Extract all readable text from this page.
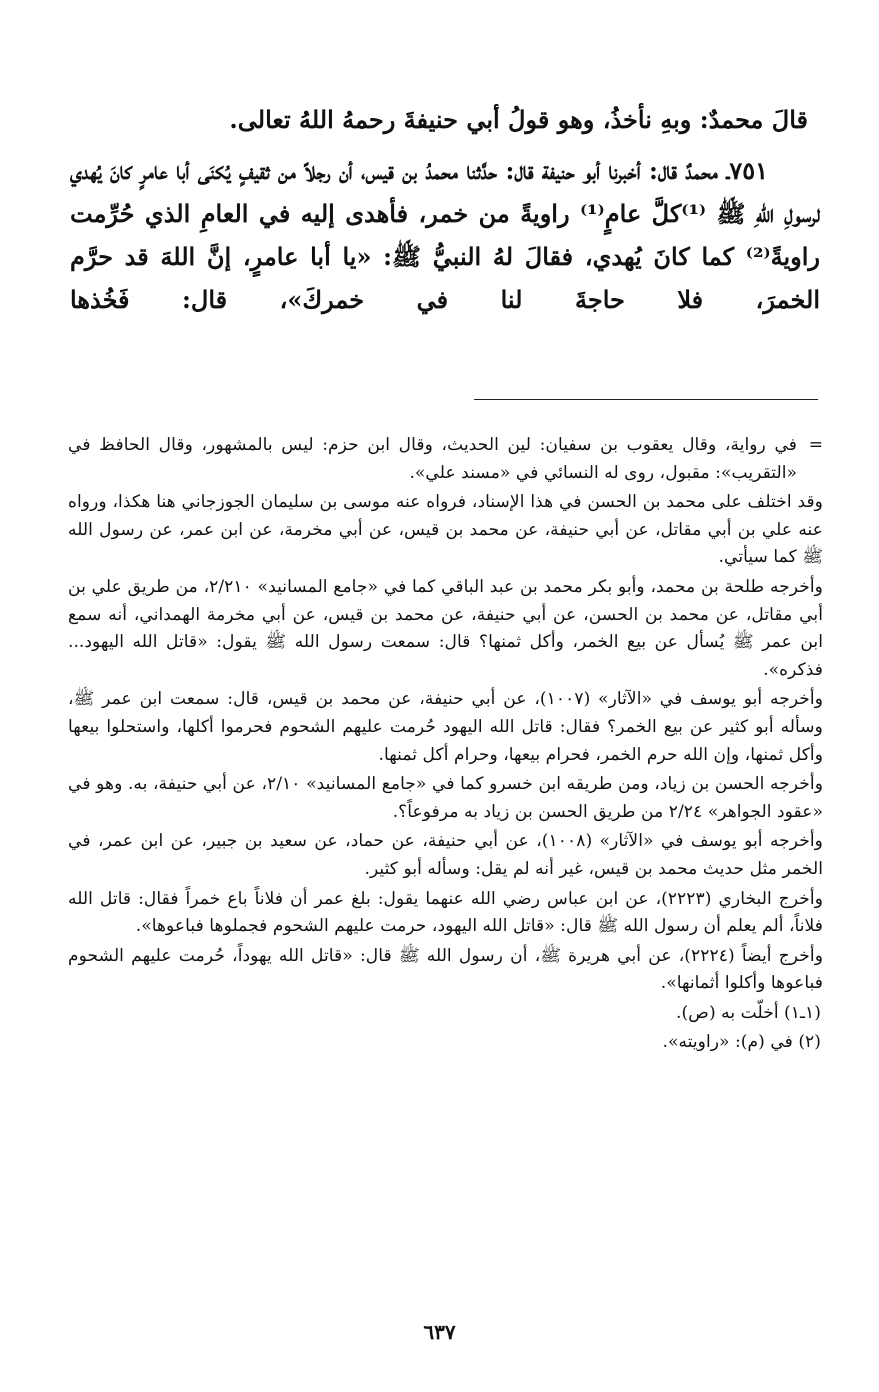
قالَ محمدٌ: وبهِ نأخذُ، وهو قولُ أبي حنيفةَ رحمهُ اللهُ تعالى.

٧٥١ـ محمدٌ قال: أخبرنا أبو حنيفة قال: حدَّثنا محمدُ بن قيس، أن رجلاً من ثقيفٍ يُكنَى أبا عامرٍ كانَ يُهدي لرسولِ اللهِ ﷺ ⁽¹⁾كلَّ عامٍ⁽¹⁾ راويةً من خمر، فأهدى إليه في العامِ الذي حُرِّمت راويةً⁽²⁾ كما كانَ يُهدي، فقالَ لهُ النبيُّ ﷺ: «يا أبا عامرٍ، إنَّ اللهَ قد حرَّم الخمرَ، فلا حاجةَ لنا في خمركَ»، قال: فَخُذها

=

في رواية، وقال يعقوب بن سفيان: لين الحديث، وقال ابن حزم: ليس بالمشهور، وقال الحافظ في «التقريب»: مقبول، روى له النسائي في «مسند علي».

وقد اختلف على محمد بن الحسن في هذا الإسناد، فرواه عنه موسى بن سليمان الجوزجاني هنا هكذا، ورواه عنه علي بن أبي مقاتل، عن أبي حنيفة، عن محمد بن قيس، عن أبي مخرمة، عن ابن عمر، عن رسول الله ﷺ كما سيأتي.

وأخرجه طلحة بن محمد، وأبو بكر محمد بن عبد الباقي كما في «جامع المسانيد» ٢/٢١٠، من طريق علي بن أبي مقاتل، عن محمد بن الحسن، عن أبي حنيفة، عن محمد بن قيس، عن أبي مخرمة الهمداني، أنه سمع ابن عمر ﷺ يُسأل عن بيع الخمر، وأكل ثمنها؟ قال: سمعت رسول الله ﷺ يقول: «قاتل الله اليهود... فذكره».

وأخرجه أبو يوسف في «الآثار» (١٠٠٧)، عن أبي حنيفة، عن محمد بن قيس، قال: سمعت ابن عمر ﷺ، وسأله أبو كثير عن بيع الخمر؟ فقال: قاتل الله اليهود حُرمت عليهم الشحوم فحرموا أكلها، واستحلوا بيعها وأكل ثمنها، وإن الله حرم الخمر، فحرام بيعها، وحرام أكل ثمنها.

وأخرجه الحسن بن زياد، ومن طريقه ابن خسرو كما في «جامع المسانيد» ٢/١٠، عن أبي حنيفة، به. وهو في «عقود الجواهر» ٢/٢٤ من طريق الحسن بن زياد به مرفوعاً؟.

وأخرجه أبو يوسف في «الآثار» (١٠٠٨)، عن أبي حنيفة، عن حماد، عن سعيد بن جبير، عن ابن عمر، في الخمر مثل حديث محمد بن قيس، غير أنه لم يقل: وسأله أبو كثير.

وأخرج البخاري (٢٢٢٣)، عن ابن عباس رضي الله عنهما يقول: بلغ عمر أن فلاناً باع خمراً فقال: قاتل الله فلاناً، ألم يعلم أن رسول الله ﷺ قال: «قاتل الله اليهود، حرمت عليهم الشحوم فجملوها فباعوها».

وأخرج أيضاً (٢٢٢٤)، عن أبي هريرة ﷺ، أن رسول الله ﷺ قال: «قاتل الله يهوداً، حُرمت عليهم الشحوم فباعوها وأكلوا أثمانها».

(١ـ١) أخلّت به (ص).

(٢) في (م): «راويته».

٦٣٧
